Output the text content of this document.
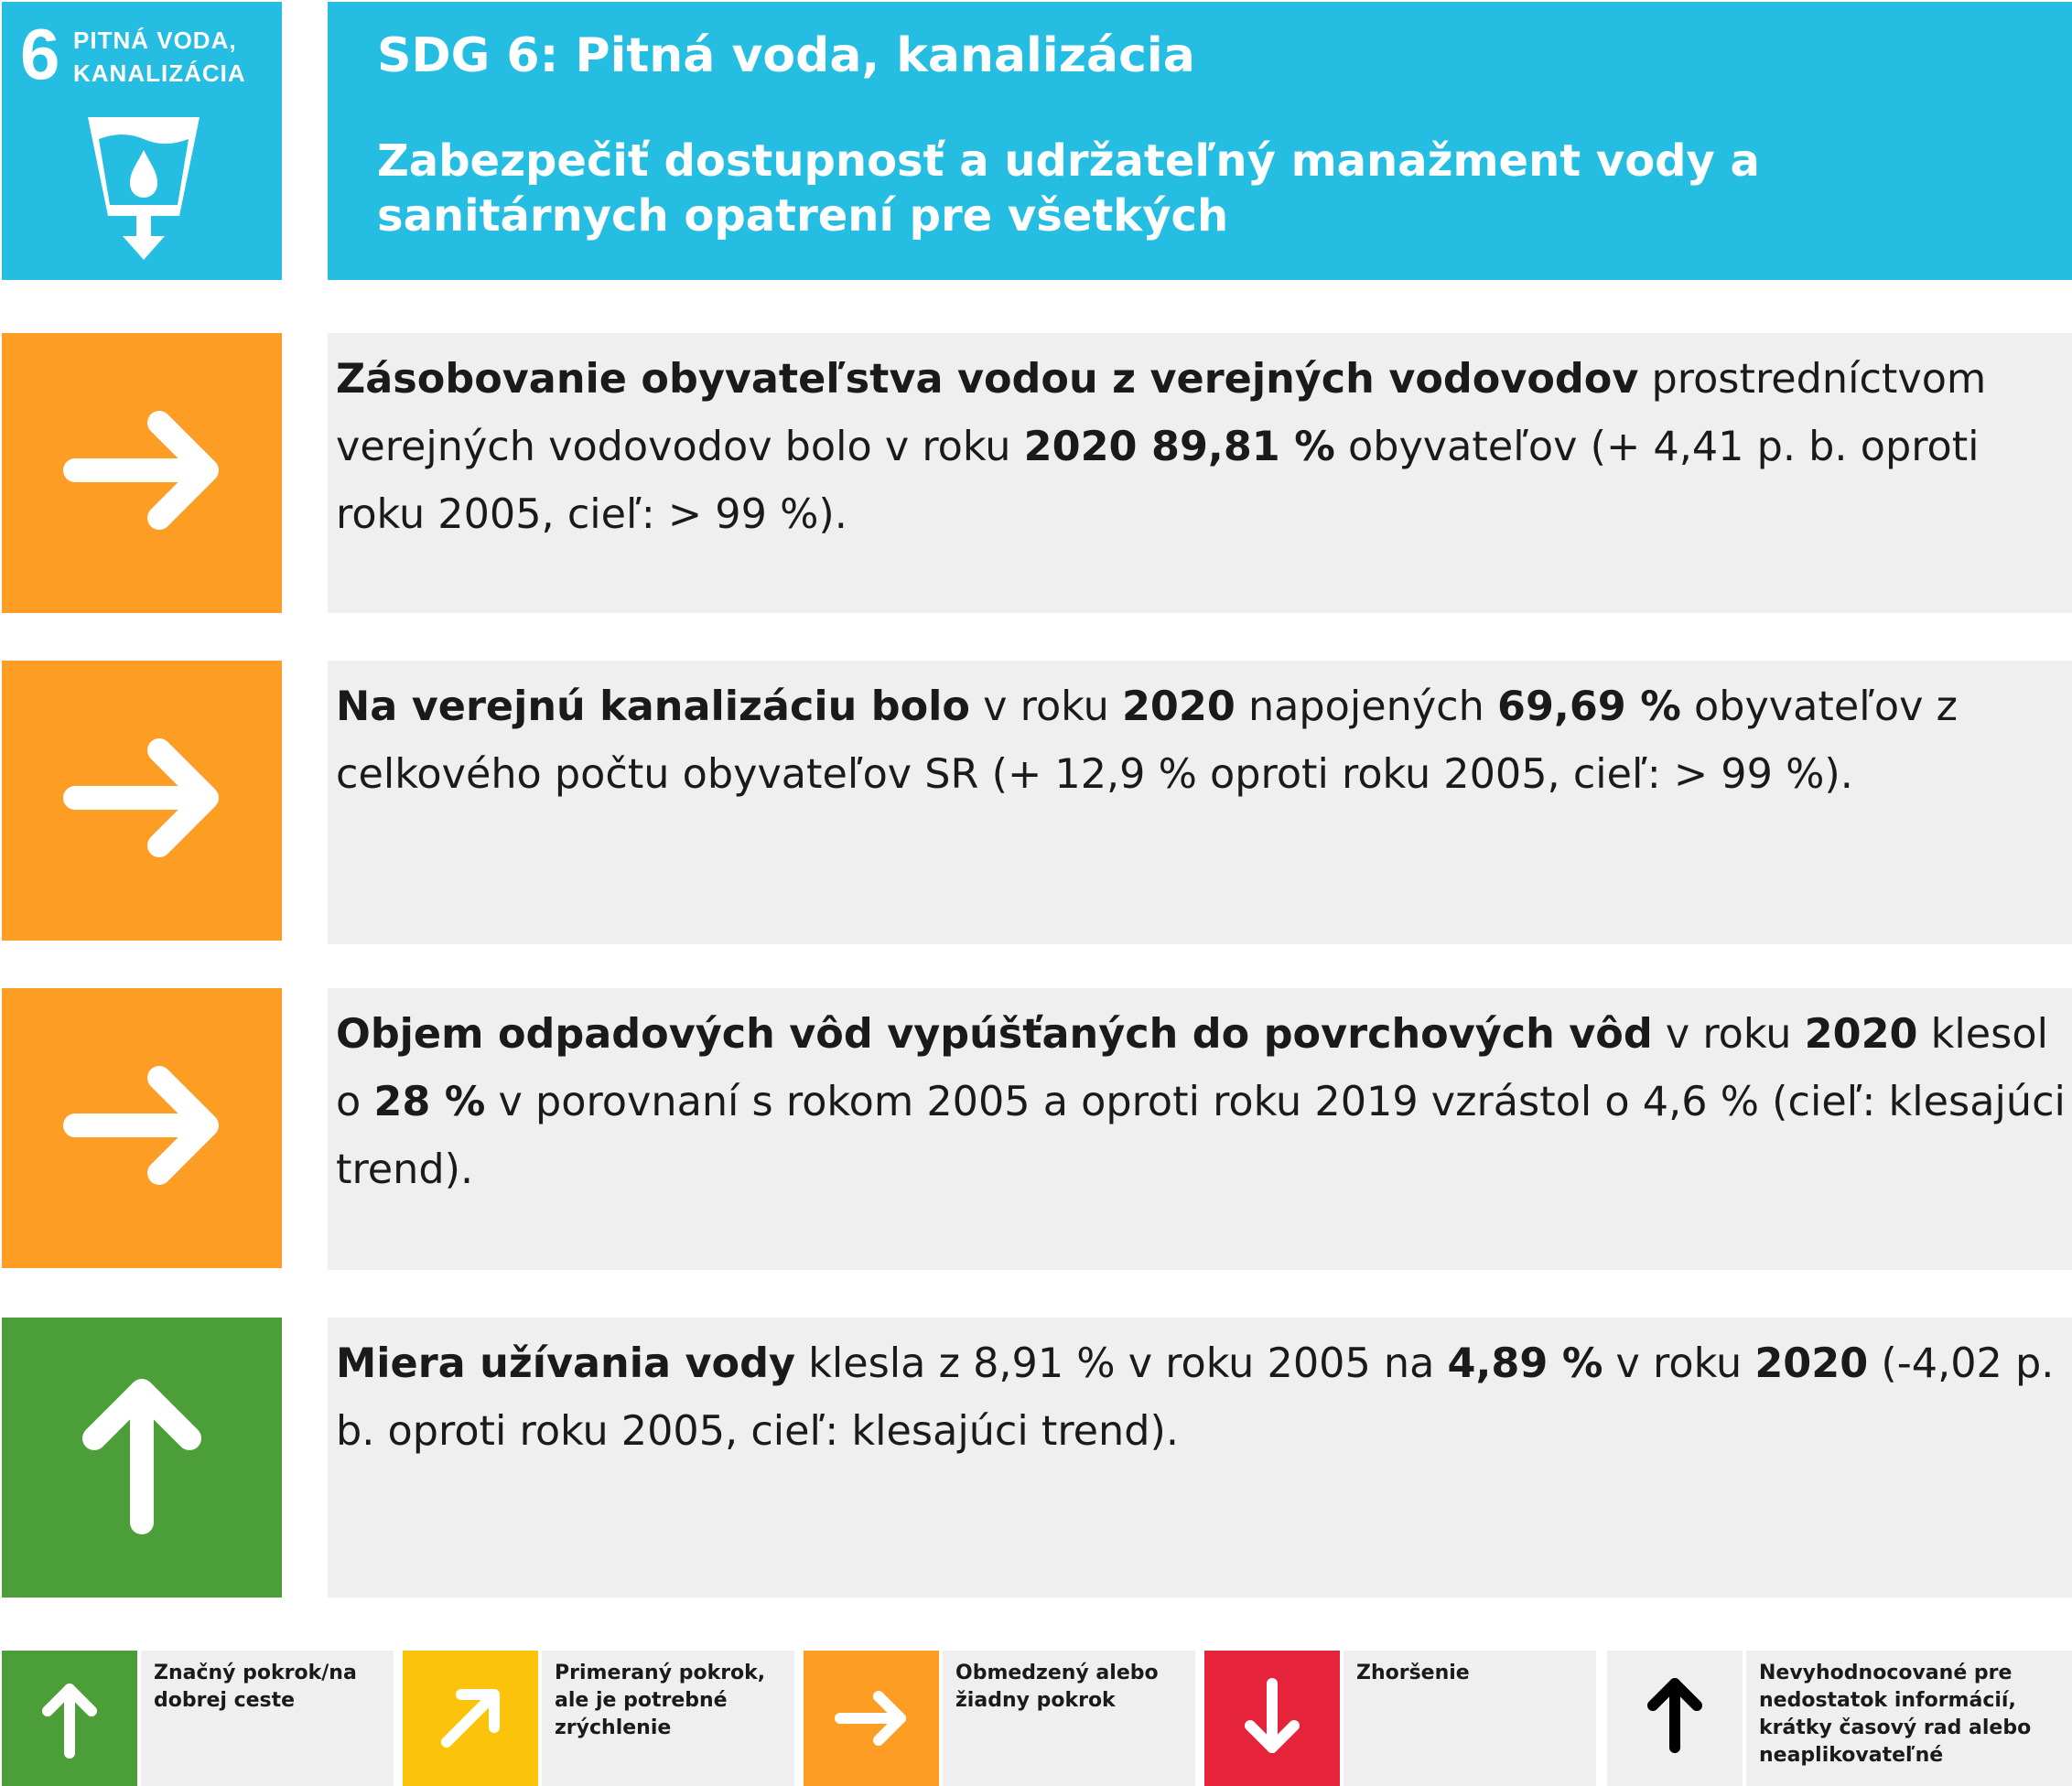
6 PITNÁ VODA,
KANALIZÁCIA	SDG 6: Pitná voda, kanalizácia
Zabezpečiť dostupnosť a udržateľný manažment vody a sanitárnych opatrení pre všetkých
Zásobovanie obyvateľstva vodou z verejných vodovodov prostredníctvom verejných vodovodov bolo v roku 2020 89,81 % obyvateľov (+ 4,41 p. b. oproti roku 2005, cieľ: > 99 %).
Na verejnú kanalizáciu bolo v roku 2020 napojených 69,69 % obyvateľov z celkového počtu obyvateľov SR (+ 12,9 % oproti roku 2005, cieľ: > 99 %).
Objem odpadových vôd vypúšťaných do povrchových vôd v roku 2020 klesol o 28 % v porovnaní s rokom 2005 a oproti roku 2019 vzrástol o 4,6 % (cieľ: klesajúci trend).
Miera užívania vody klesla z 8,91 % v roku 2005 na 4,89 % v roku 2020 (-4,02 p. b. oproti roku 2005, cieľ: klesajúci trend).
Značný pokrok/na dobrej ceste
Primeraný pokrok, ale je potrebné zrýchlenie
Obmedzený alebo žiadny pokrok
Zhoršenie	Nevyhodnocované pre nedostatok informácií, krátky časový rad alebo neaplikovateľné
